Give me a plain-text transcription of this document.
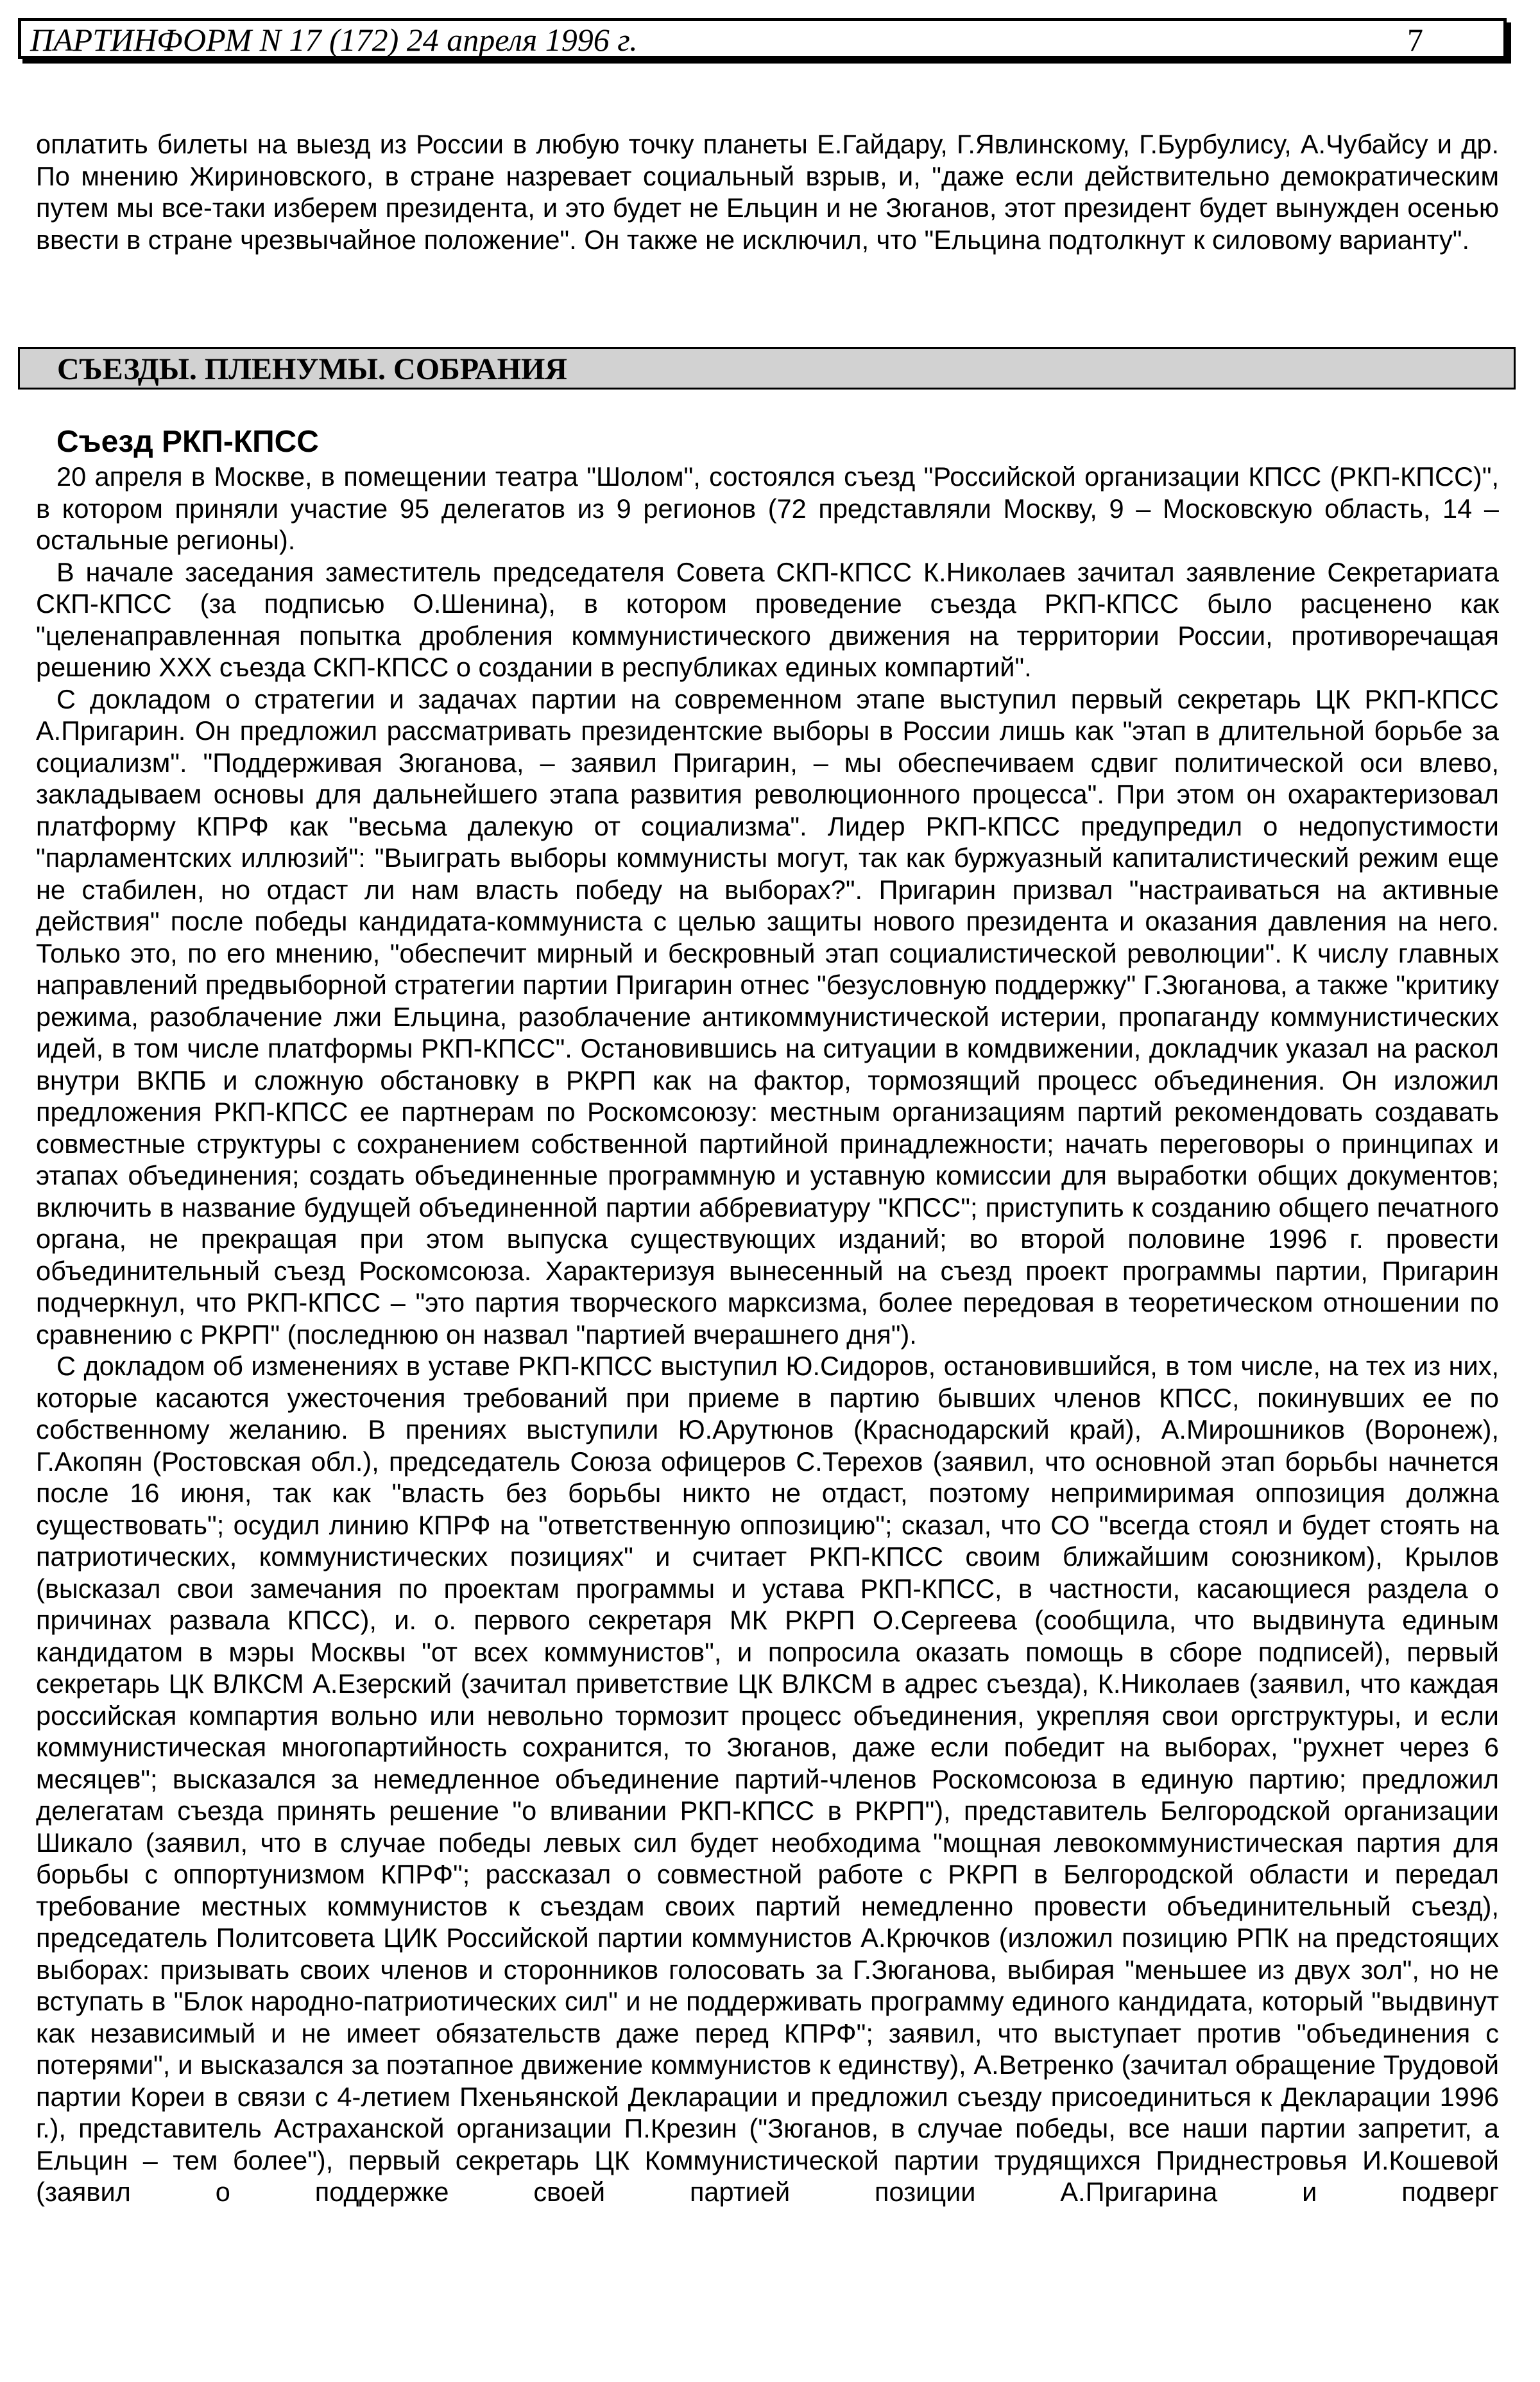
ПАРТИНФОРМ N 17 (172) 24 апреля 1996 г.	7

оплатить билеты на выезд из России в любую точку планеты Е.Гайдару, Г.Явлинскому, Г.Бурбулису, А.Чубайсу и др. По мнению Жириновского, в стране назревает социальный взрыв, и, "даже если действительно демократическим путем мы все-таки изберем президента, и это будет не Ельцин и не Зюганов, этот президент будет вынужден осенью ввести в стране чрезвычайное положение". Он также не исключил, что "Ельцина подтолкнут к силовому варианту".

СЪЕЗДЫ. ПЛЕНУМЫ. СОБРАНИЯ
Съезд РКП-КПСС

20 апреля в Москве, в помещении театра "Шолом", состоялся съезд "Российской организации КПСС (РКП-КПСС)", в котором приняли участие 95 делегатов из 9 регионов (72 представляли Москву, 9 – Московскую область, 14 – остальные регионы).

В начале заседания заместитель председателя Совета СКП-КПСС К.Николаев зачитал заявление Секретариата СКП-КПСС (за подписью О.Шенина), в котором проведение съезда РКП-КПСС было расценено как "целенаправленная попытка дробления коммунистического движения на территории России, противоречащая решению XXX съезда СКП-КПСС о создании в республиках единых компартий".

С докладом о стратегии и задачах партии на современном этапе выступил первый секретарь ЦК РКП-КПСС А.Пригарин. Он предложил рассматривать президентские выборы в России лишь как "этап в длительной борьбе за социализм". "Поддерживая Зюганова, – заявил Пригарин, – мы обеспечиваем сдвиг политической оси влево, закладываем основы для дальнейшего этапа развития революционного процесса". При этом он охарактеризовал платформу КПРФ как "весьма далекую от социализма". Лидер РКП-КПСС предупредил о недопустимости "парламентских иллюзий": "Выиграть выборы коммунисты могут, так как буржуазный капиталистический режим еще не стабилен, но отдаст ли нам власть победу на выборах?". Пригарин призвал "настраиваться на активные действия" после победы кандидата-коммуниста с целью защиты нового президента и оказания давления на него. Только это, по его мнению, "обеспечит мирный и бескровный этап социалистической революции". К числу главных направлений предвыборной стратегии партии Пригарин отнес "безусловную поддержку" Г.Зюганова, а также "критику режима, разоблачение лжи Ельцина, разоблачение антикоммунистической истерии, пропаганду коммунистических идей, в том числе платформы РКП-КПСС". Остановившись на ситуации в комдвижении, докладчик указал на раскол внутри ВКПБ и сложную обстановку в РКРП как на фактор, тормозящий процесс объединения. Он изложил предложения РКП-КПСС ее партнерам по Роскомсоюзу: местным организациям партий рекомендовать создавать совместные структуры с сохранением собственной партийной принадлежности; начать переговоры о принципах и этапах объединения; создать объединенные программную и уставную комиссии для выработки общих документов; включить в название будущей объединенной партии аббревиатуру "КПСС"; приступить к созданию общего печатного органа, не прекращая при этом выпуска существующих изданий; во второй половине 1996 г. провести объединительный съезд Роскомсоюза. Характеризуя вынесенный на съезд проект программы партии, Пригарин подчеркнул, что РКП-КПСС – "это партия творческого марксизма, более передовая в теоретическом отношении по сравнению с РКРП" (последнюю он назвал "партией вчерашнего дня").

С докладом об изменениях в уставе РКП-КПСС выступил Ю.Сидоров, остановившийся, в том числе, на тех из них, которые касаются ужесточения требований при приеме в партию бывших членов КПСС, покинувших ее по собственному желанию. В прениях выступили Ю.Арутюнов (Краснодарский край), А.Мирошников (Воронеж), Г.Акопян (Ростовская обл.), председатель Союза офицеров С.Терехов (заявил, что основной этап борьбы начнется после 16 июня, так как "власть без борьбы никто не отдаст, поэтому непримиримая оппозиция должна существовать"; осудил линию КПРФ на "ответственную оппозицию"; сказал, что СО "всегда стоял и будет стоять на патриотических, коммунистических позициях" и считает РКП-КПСС своим ближайшим союзником), Крылов (высказал свои замечания по проектам программы и устава РКП-КПСС, в частности, касающиеся раздела о причинах развала КПСС), и. о. первого секретаря МК РКРП О.Сергеева (сообщила, что выдвинута единым кандидатом в мэры Москвы "от всех коммунистов", и попросила оказать помощь в сборе подписей), первый секретарь ЦК ВЛКСМ А.Езерский (зачитал приветствие ЦК ВЛКСМ в адрес съезда), К.Николаев (заявил, что каждая российская компартия вольно или невольно тормозит процесс объединения, укрепляя свои оргструктуры, и если коммунистическая многопартийность сохранится, то Зюганов, даже если победит на выборах, "рухнет через 6 месяцев"; высказался за немедленное объединение партий-членов Роскомсоюза в единую партию; предложил делегатам съезда принять решение "о вливании РКП-КПСС в РКРП"), представитель Белгородской организации Шикало (заявил, что в случае победы левых сил будет необходима "мощная левокоммунистическая партия для борьбы с оппортунизмом КПРФ"; рассказал о совместной работе с РКРП в Белгородской области и передал требование местных коммунистов к съездам своих партий немедленно провести объединительный съезд), председатель Политсовета ЦИК Российской партии коммунистов А.Крючков (изложил позицию РПК на предстоящих выборах: призывать своих членов и сторонников голосовать за Г.Зюганова, выбирая "меньшее из двух зол", но не вступать в "Блок народно-патриотических сил" и не поддерживать программу единого кандидата, который "выдвинут как независимый и не имеет обязательств даже перед КПРФ"; заявил, что выступает против "объединения с потерями", и высказался за поэтапное движение коммунистов к единству), А.Ветренко (зачитал обращение Трудовой партии Кореи в связи с 4-летием Пхеньянской Декларации и предложил съезду присоединиться к Декларации 1996 г.), представитель Астраханской организации П.Крезин ("Зюганов, в случае победы, все наши партии запретит, а Ельцин – тем более"), первый секретарь ЦК Коммунистической партии трудящихся Приднестровья И.Кошевой (заявил о поддержке своей партией позиции А.Пригарина и подверг
